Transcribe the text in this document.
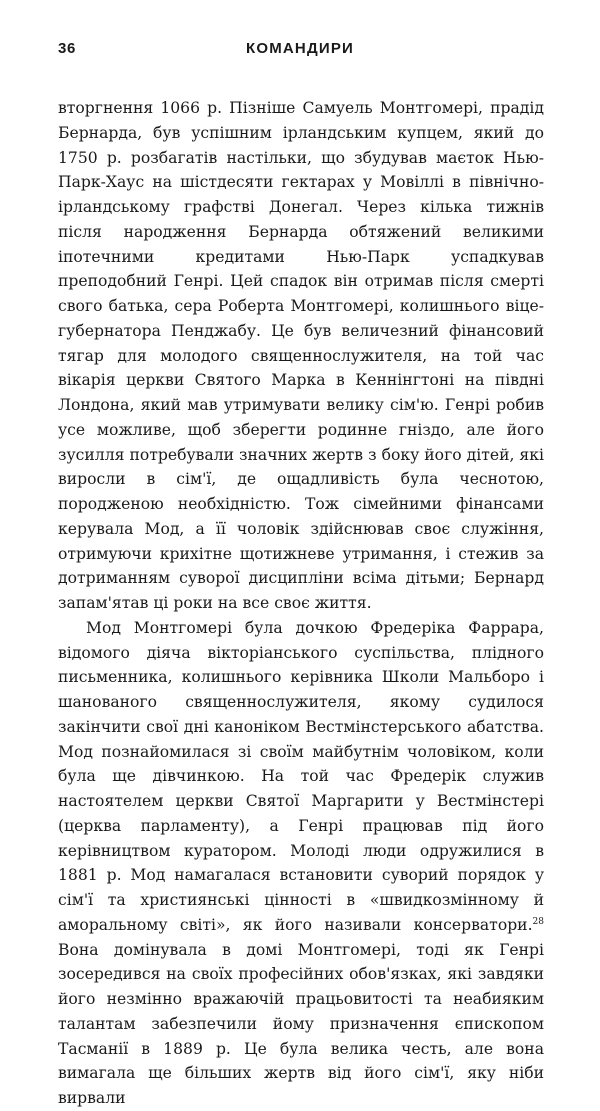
36	КОМАНДИРИ

вторгнення 1066 р. Пізніше Самуель Монтгомері, прадід Бернарда, був успішним ірландським купцем, який до 1750 р. розбагатів настільки, що збудував маєток Нью-Парк-Хаус на шістдесяти гектарах у Мовіллі в північно-ірландському графстві Донегал. Через кілька тижнів після народження Бернарда обтяжений великими іпотечними кредитами Нью-Парк успадкував преподобний Генрі. Цей спадок він отримав після смерті свого батька, сера Роберта Монтгомері, колишнього віце-губернатора Пенджабу. Це був величезний фінансовий тягар для молодого священнослужителя, на той час вікарія церкви Святого Марка в Кеннінгтоні на півдні Лондона, який мав утримувати велику сім'ю. Генрі робив усе можливе, щоб зберегти родинне гніздо, але його зусилля потребували значних жертв з боку його дітей, які виросли в сім'ї, де ощадливість була чеснотою, породженою необхідністю. Тож сімейними фінансами керувала Мод, а її чоловік здійснював своє служіння, отримуючи крихітне щотижневе утримання, і стежив за дотриманням суворої дисципліни всіма дітьми; Бернард запам'ятав ці роки на все своє життя.

Мод Монтгомері була дочкою Фредеріка Фаррара, відомого діяча вікторіанського суспільства, плідного письменника, колишнього керівника Школи Мальборо і шанованого священнослужителя, якому судилося закінчити свої дні каноніком Вестмінстерського абатства. Мод познайомилася зі своїм майбутнім чоловіком, коли була ще дівчинкою. На той час Фредерік служив настоятелем церкви Святої Маргарити у Вестмінстері (церква парламенту), а Генрі працював під його керівництвом куратором. Молоді люди одружилися в 1881 р. Мод намагалася встановити суворий порядок у сім'ї та християнські цінності в «швидкозмінному й аморальному світі», як його називали консерватори.$^{28}$ Вона домінувала в домі Монтгомері, тоді як Генрі зосередився на своїх професійних обов'язках, які завдяки його незмінно вражаючій працьовитості та неабияким талантам забезпечили йому призначення єпископом Тасманії в 1889 р. Це була велика честь, але вона вимагала ще більших жертв від його сім'ї, яку ніби вирвали
